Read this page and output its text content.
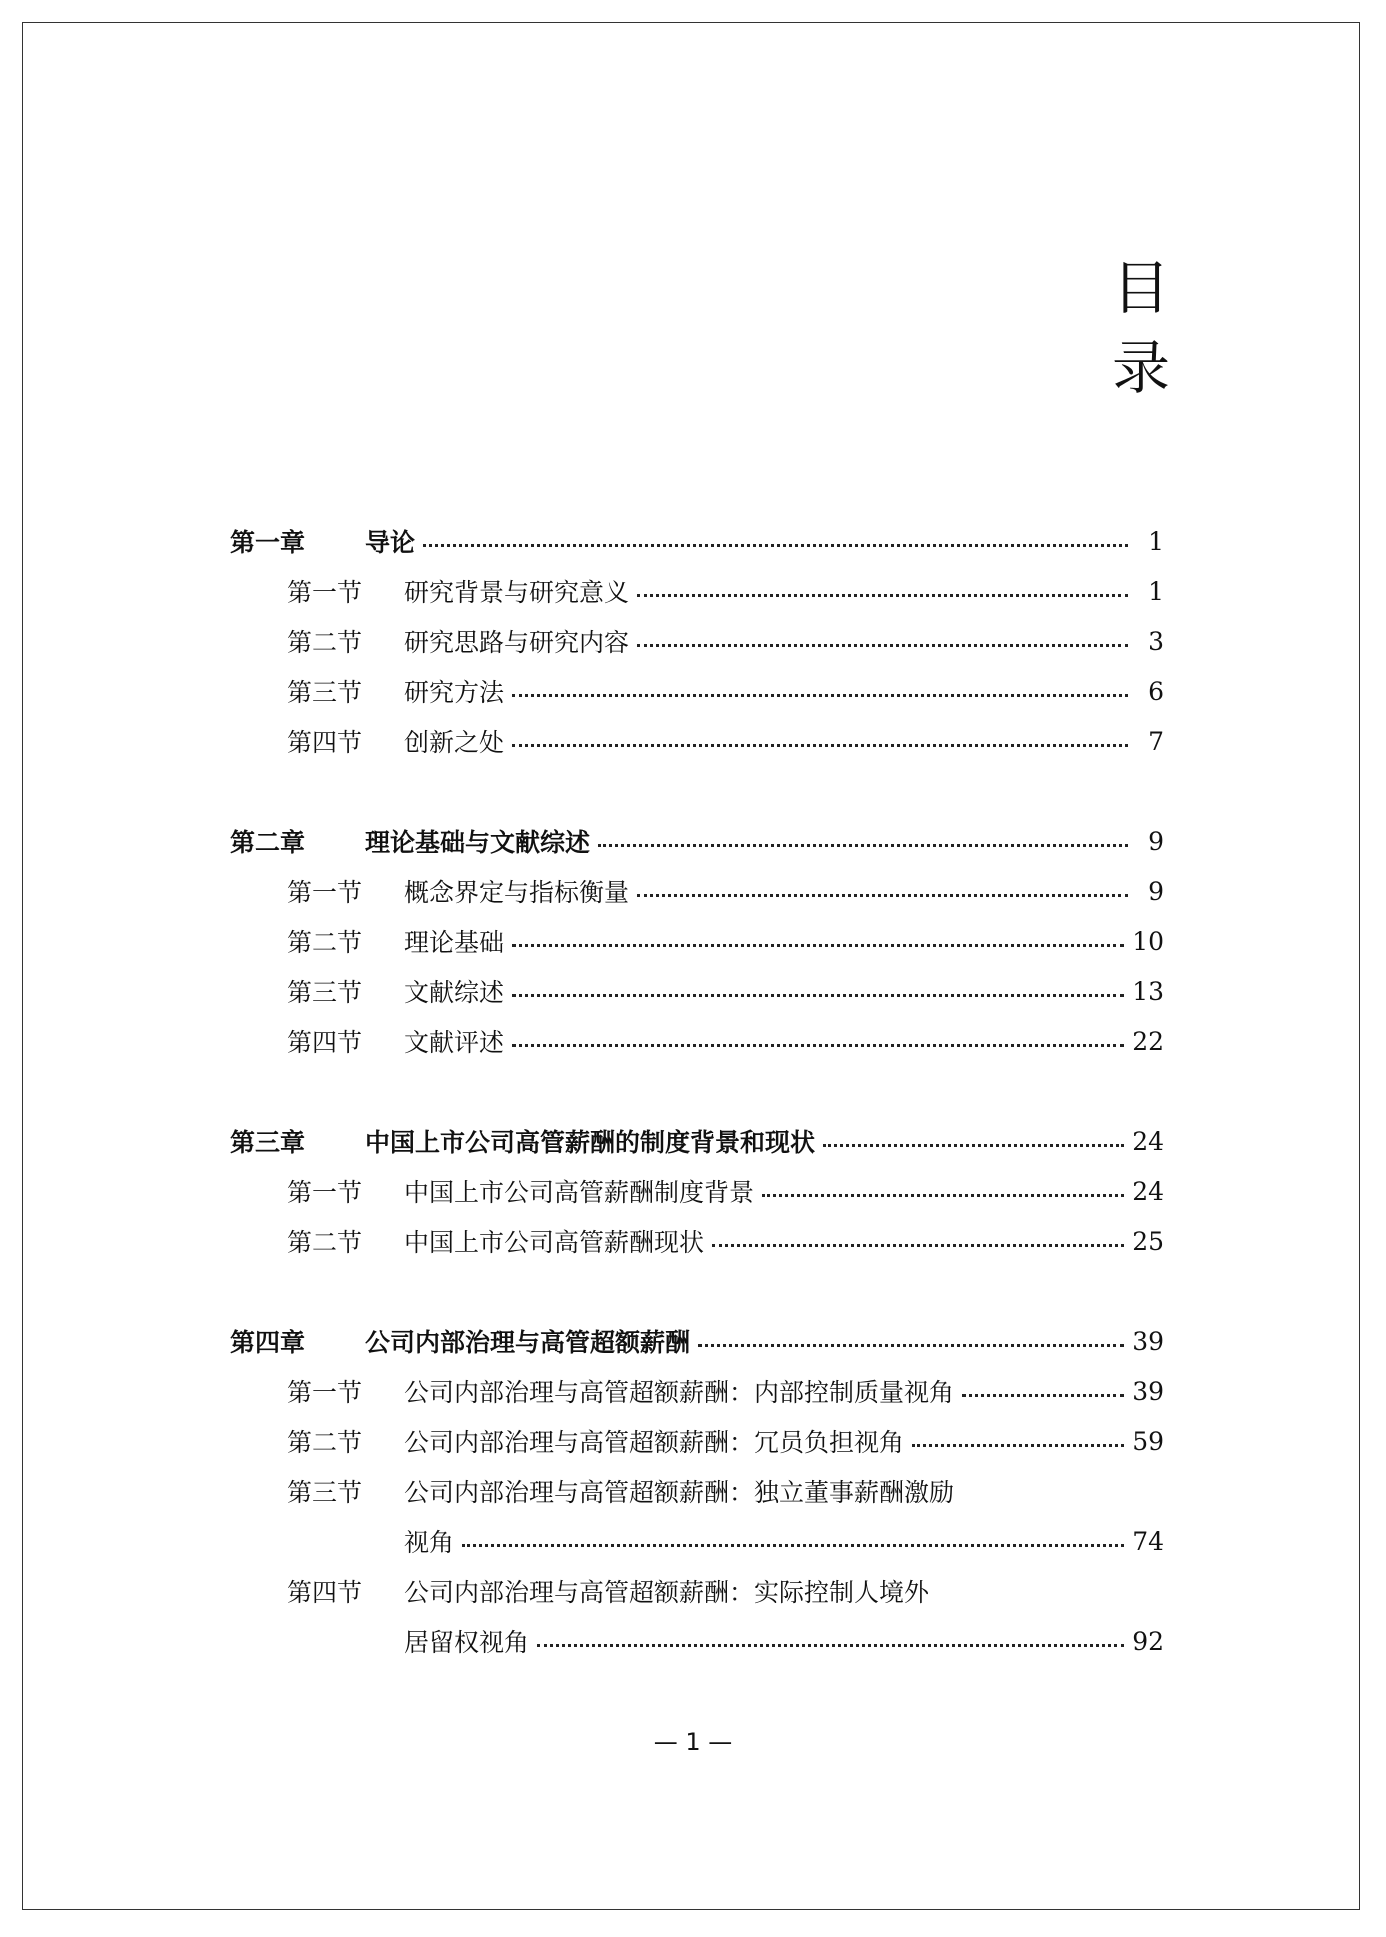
目
录
第一章	导论	1
第一节	研究背景与研究意义	1
第二节	研究思路与研究内容	3
第三节	研究方法	6
第四节	创新之处	7
第二章	理论基础与文献综述	9
第一节	概念界定与指标衡量	9
第二节	理论基础	10
第三节	文献综述	13
第四节	文献评述	22
第三章	中国上市公司高管薪酬的制度背景和现状	24
第一节	中国上市公司高管薪酬制度背景	24
第二节	中国上市公司高管薪酬现状	25
第四章	公司内部治理与高管超额薪酬	39
第一节	公司内部治理与高管超额薪酬：内部控制质量视角	39
第二节	公司内部治理与高管超额薪酬：冗员负担视角	59
第三节	公司内部治理与高管超额薪酬：独立董事薪酬激励
视角	74
第四节	公司内部治理与高管超额薪酬：实际控制人境外
居留权视角	92
— 1 —
